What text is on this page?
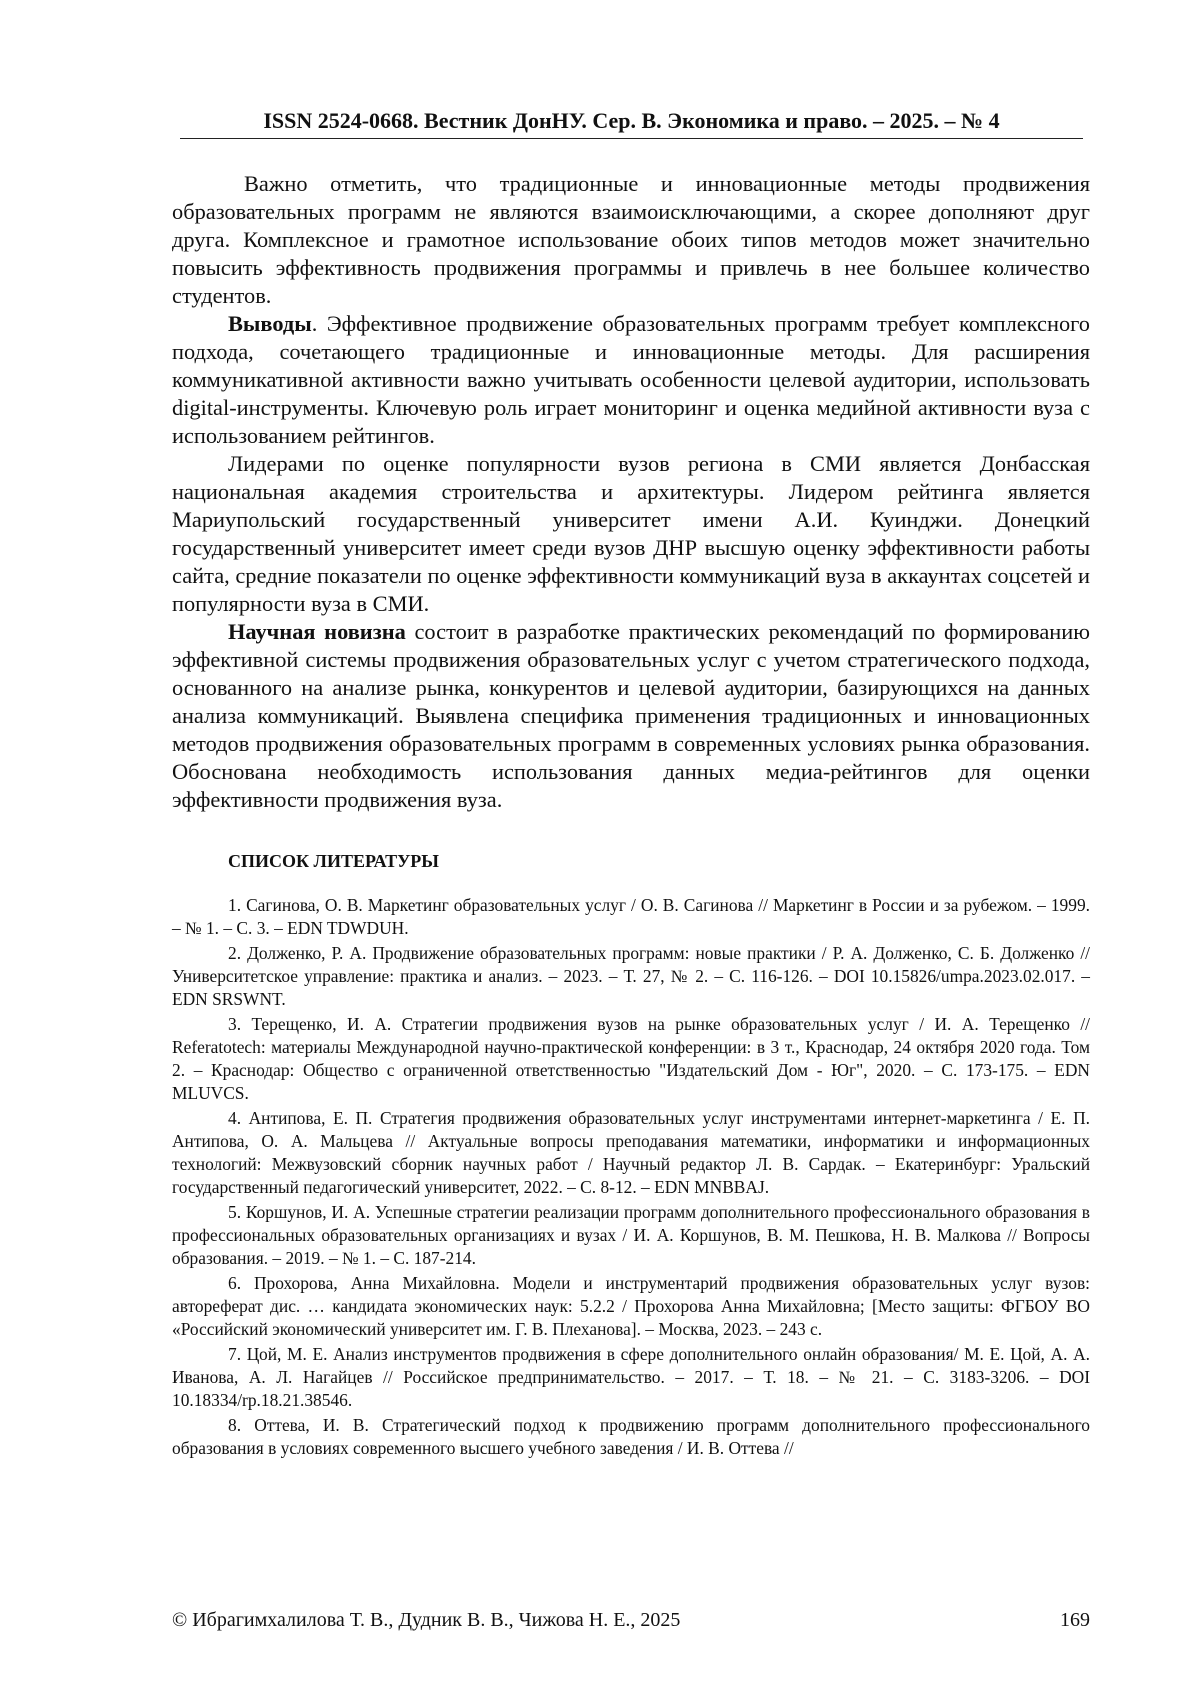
ISSN 2524-0668. Вестник ДонНУ. Сер. В. Экономика и право. – 2025. – № 4

Важно отметить, что традиционные и инновационные методы продвижения образовательных программ не являются взаимоисключающими, а скорее дополняют друг друга. Комплексное и грамотное использование обоих типов методов может значительно повысить эффективность продвижения программы и привлечь в нее большее количество студентов.

Выводы. Эффективное продвижение образовательных программ требует комплексного подхода, сочетающего традиционные и инновационные методы. Для расширения коммуникативной активности важно учитывать особенности целевой аудитории, использовать digital-инструменты. Ключевую роль играет мониторинг и оценка медийной активности вуза с использованием рейтингов.

Лидерами по оценке популярности вузов региона в СМИ является Донбасская национальная академия строительства и архитектуры. Лидером рейтинга является Мариупольский государственный университет имени А.И. Куинджи. Донецкий государственный университет имеет среди вузов ДНР высшую оценку эффективности работы сайта, средние показатели по оценке эффективности коммуникаций вуза в аккаунтах соцсетей и популярности вуза в СМИ.

Научная новизна состоит в разработке практических рекомендаций по формированию эффективной системы продвижения образовательных услуг с учетом стратегического подхода, основанного на анализе рынка, конкурентов и целевой аудитории, базирующихся на данных анализа коммуникаций. Выявлена специфика применения традиционных и инновационных методов продвижения образовательных программ в современных условиях рынка образования. Обоснована необходимость использования данных медиа-рейтингов для оценки эффективности продвижения вуза.

СПИСОК ЛИТЕРАТУРЫ

1. Сагинова, О. В. Маркетинг образовательных услуг / О. В. Сагинова // Маркетинг в России и за рубежом. – 1999. – № 1. – С. 3. – EDN TDWDUH.

2. Долженко, Р. А. Продвижение образовательных программ: новые практики / Р. А. Долженко, С. Б. Долженко // Университетское управление: практика и анализ. – 2023. – Т. 27, № 2. – С. 116-126. – DOI 10.15826/umpa.2023.02.017. – EDN SRSWNT.

3. Терещенко, И. А. Стратегии продвижения вузов на рынке образовательных услуг / И. А. Терещенко // Referatotech: материалы Международной научно-практической конференции: в 3 т., Краснодар, 24 октября 2020 года. Том 2. – Краснодар: Общество с ограниченной ответственностью "Издательский Дом - Юг", 2020. – С. 173-175. – EDN MLUVCS.

4. Антипова, Е. П. Стратегия продвижения образовательных услуг инструментами интернет-маркетинга / Е. П. Антипова, О. А. Мальцева // Актуальные вопросы преподавания математики, информатики и информационных технологий: Межвузовский сборник научных работ / Научный редактор Л. В. Сардак. – Екатеринбург: Уральский государственный педагогический университет, 2022. – С. 8-12. – EDN MNBBAJ.

5. Коршунов, И. А. Успешные стратегии реализации программ дополнительного профессионального образования в профессиональных образовательных организациях и вузах / И. А. Коршунов, В. М. Пешкова, Н. В. Малкова // Вопросы образования. – 2019. – № 1. – С. 187-214.

6. Прохорова, Анна Михайловна. Модели и инструментарий продвижения образовательных услуг вузов: автореферат дис. … кандидата экономических наук: 5.2.2 / Прохорова Анна Михайловна; [Место защиты: ФГБОУ ВО «Российский экономический университет им. Г. В. Плеханова]. – Москва, 2023. – 243 с.

7. Цой, М. Е. Анализ инструментов продвижения в сфере дополнительного онлайн образования/ М. Е. Цой, А. А. Иванова, А. Л. Нагайцев // Российское предпринимательство. – 2017. – Т. 18. – № 21. – С. 3183-3206. – DOI 10.18334/rp.18.21.38546.

8. Оттева, И. В. Стратегический подход к продвижению программ дополнительного профессионального образования в условиях современного высшего учебного заведения / И. В. Оттева //

© Ибрагимхалилова Т. В., Дудник В. В., Чижова Н. Е., 2025	169
